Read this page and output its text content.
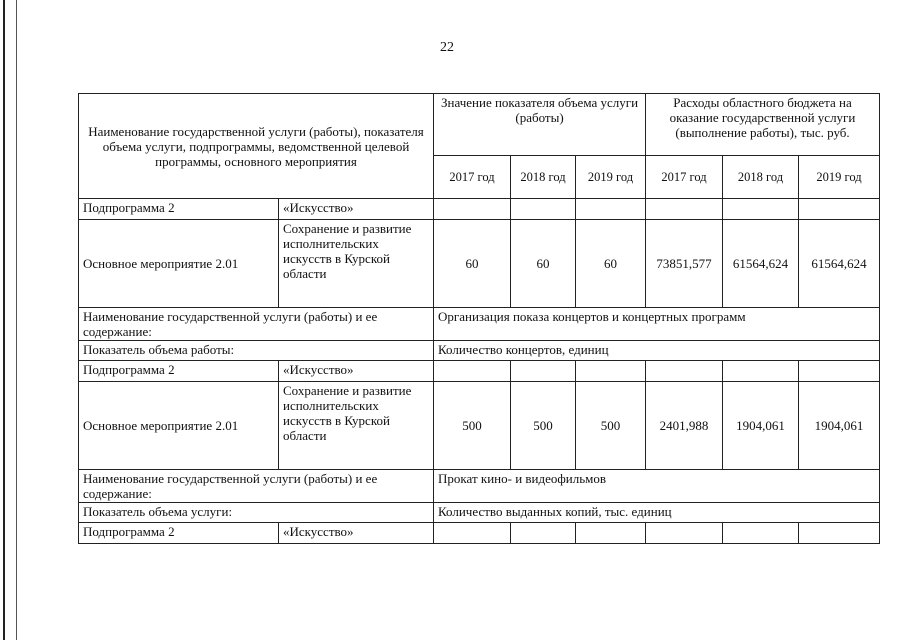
22
Наименование государственной услуги (работы), показателя объема услуги, подпрограммы, ведомственной целевой программы, основного мероприятия		Значение показателя объема услуги (работы)			Расходы областного бюджета на оказание государственной услуги (выполнение работы), тыс. руб.		
		2017 год	2018 год	2019 год	2017 год	2018 год	2019 год
Подпрограмма 2	«Искусство»						
Основное мероприятие 2.01	Сохранение и развитие исполнительских искусств в Курской области	60	60	60	73851,577	61564,624	61564,624
Наименование государственной услуги (работы) и ее содержание:		Организация показа концертов и концертных программ					
Показатель объема работы:		Количество концертов, единиц					
Подпрограмма 2	«Искусство»						
Основное мероприятие 2.01	Сохранение и развитие исполнительских искусств в Курской области	500	500	500	2401,988	1904,061	1904,061
Наименование государственной услуги (работы) и ее содержание:		Прокат кино- и видеофильмов					
Показатель объема услуги:		Количество выданных копий, тыс. единиц					
Подпрограмма 2	«Искусство»						
